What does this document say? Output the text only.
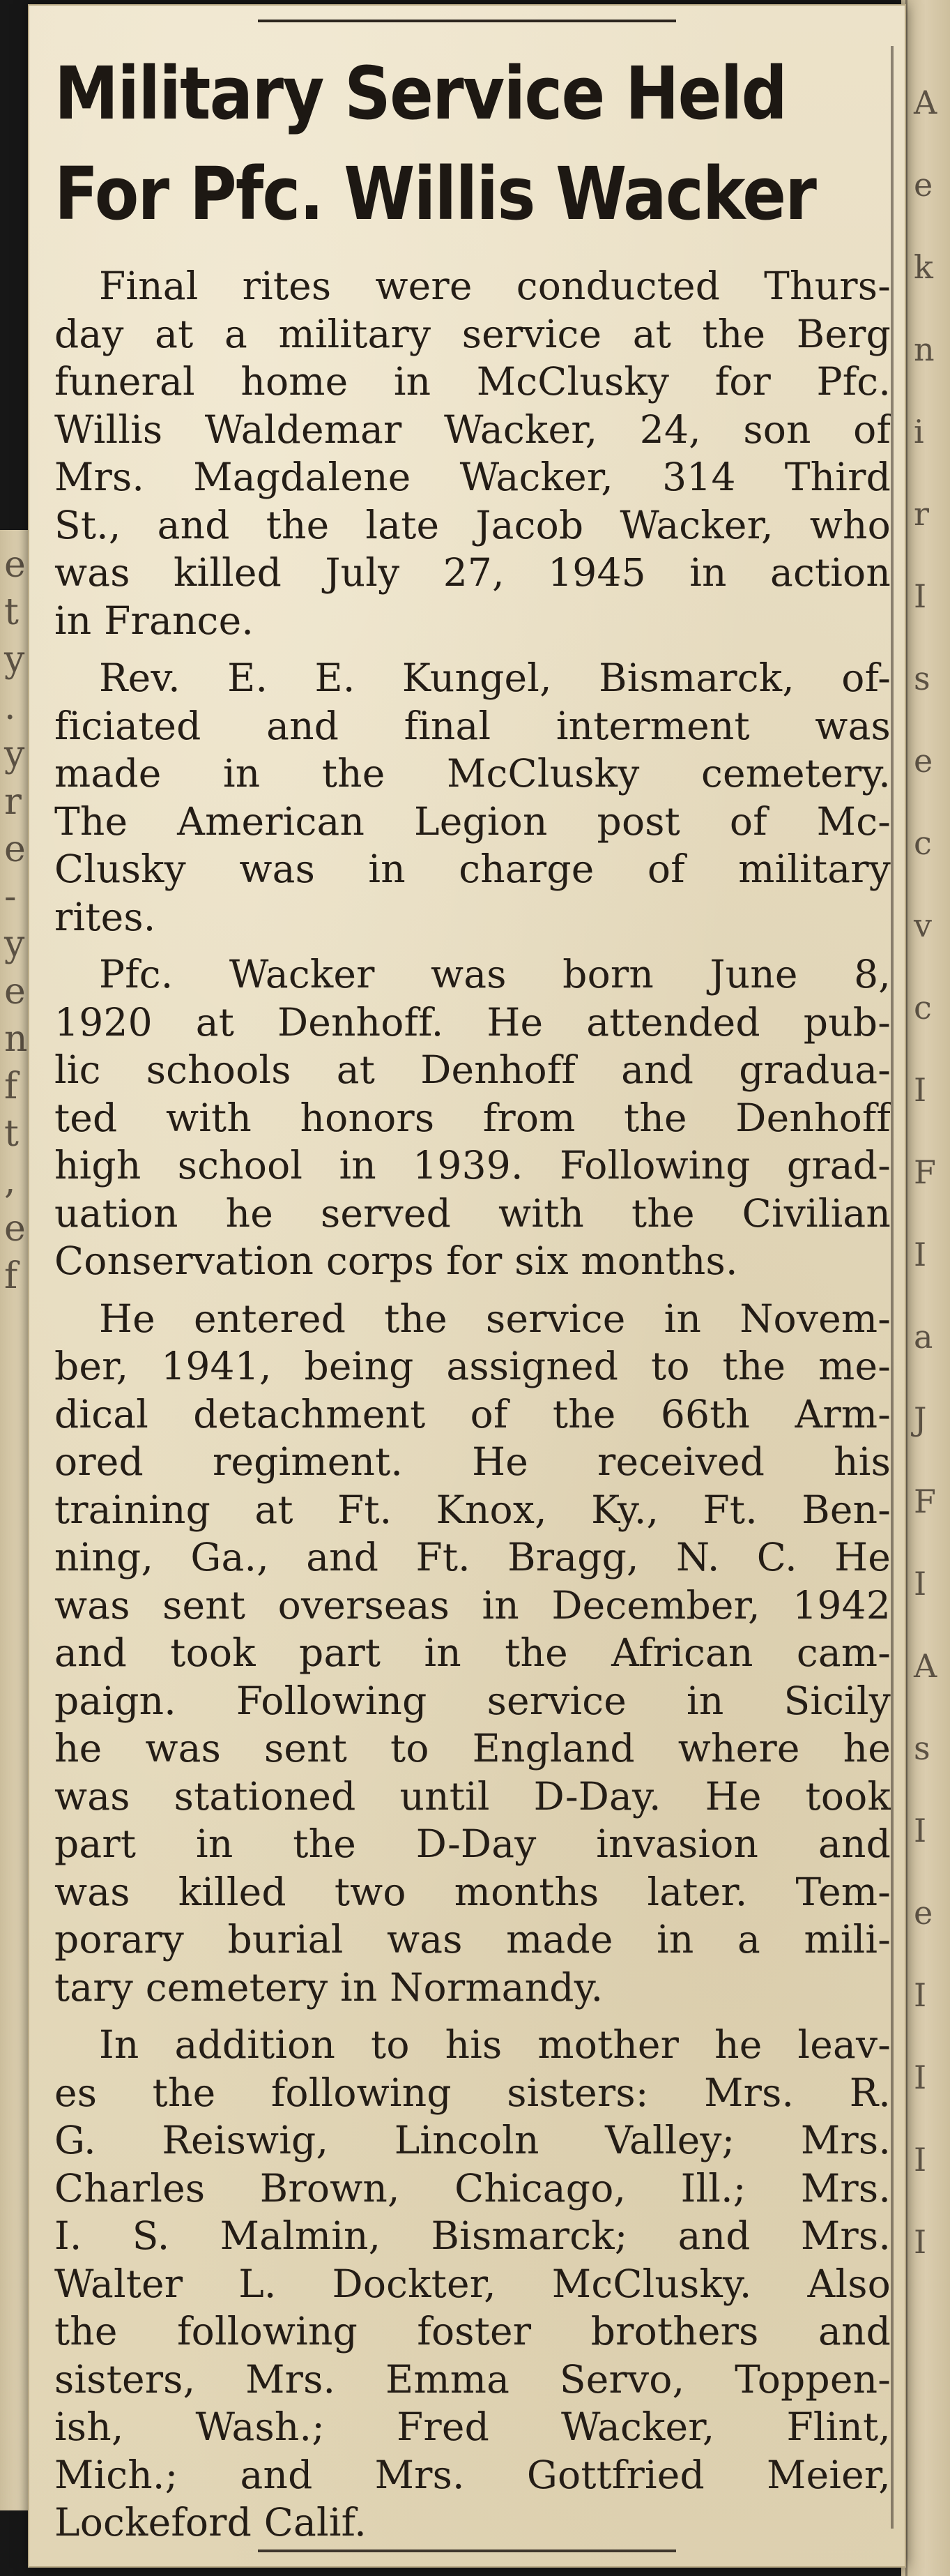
e
t
y
.
y
r
e
-
y
e
n
f
t
,
e
f
A
e
k
n
i
r
I
s
e
c
v
c
I
F
I
a
J
F
I
A
s
I
e
I
I
I
I
Military Service Held
For Pfc. Willis Wacker
Final rites were conducted Thurs-
day at a military service at the Berg
funeral home in McClusky for Pfc.
Willis Waldemar Wacker, 24, son of
Mrs. Magdalene Wacker, 314 Third
St., and the late Jacob Wacker, who
was killed July 27, 1945 in action
in France.
Rev. E. E. Kungel, Bismarck, of-
ficiated and final interment was
made in the McClusky cemetery.
The American Legion post of Mc-
Clusky was in charge of military
rites.
Pfc. Wacker was born June 8,
1920 at Denhoff. He attended pub-
lic schools at Denhoff and gradua-
ted with honors from the Denhoff
high school in 1939. Following grad-
uation he served with the Civilian
Conservation corps for six months.
He entered the service in Novem-
ber, 1941, being assigned to the me-
dical detachment of the 66th Arm-
ored regiment. He received his
training at Ft. Knox, Ky., Ft. Ben-
ning, Ga., and Ft. Bragg, N. C. He
was sent overseas in December, 1942
and took part in the African cam-
paign. Following service in Sicily
he was sent to England where he
was stationed until D-Day. He took
part in the D-Day invasion and
was killed two months later. Tem-
porary burial was made in a mili-
tary cemetery in Normandy.
In addition to his mother he leav-
es the following sisters: Mrs. R.
G. Reiswig, Lincoln Valley; Mrs.
Charles Brown, Chicago, Ill.; Mrs.
I. S. Malmin, Bismarck; and Mrs.
Walter L. Dockter, McClusky. Also
the following foster brothers and
sisters, Mrs. Emma Servo, Toppen-
ish, Wash.; Fred Wacker, Flint,
Mich.; and Mrs. Gottfried Meier,
Lockeford Calif.
